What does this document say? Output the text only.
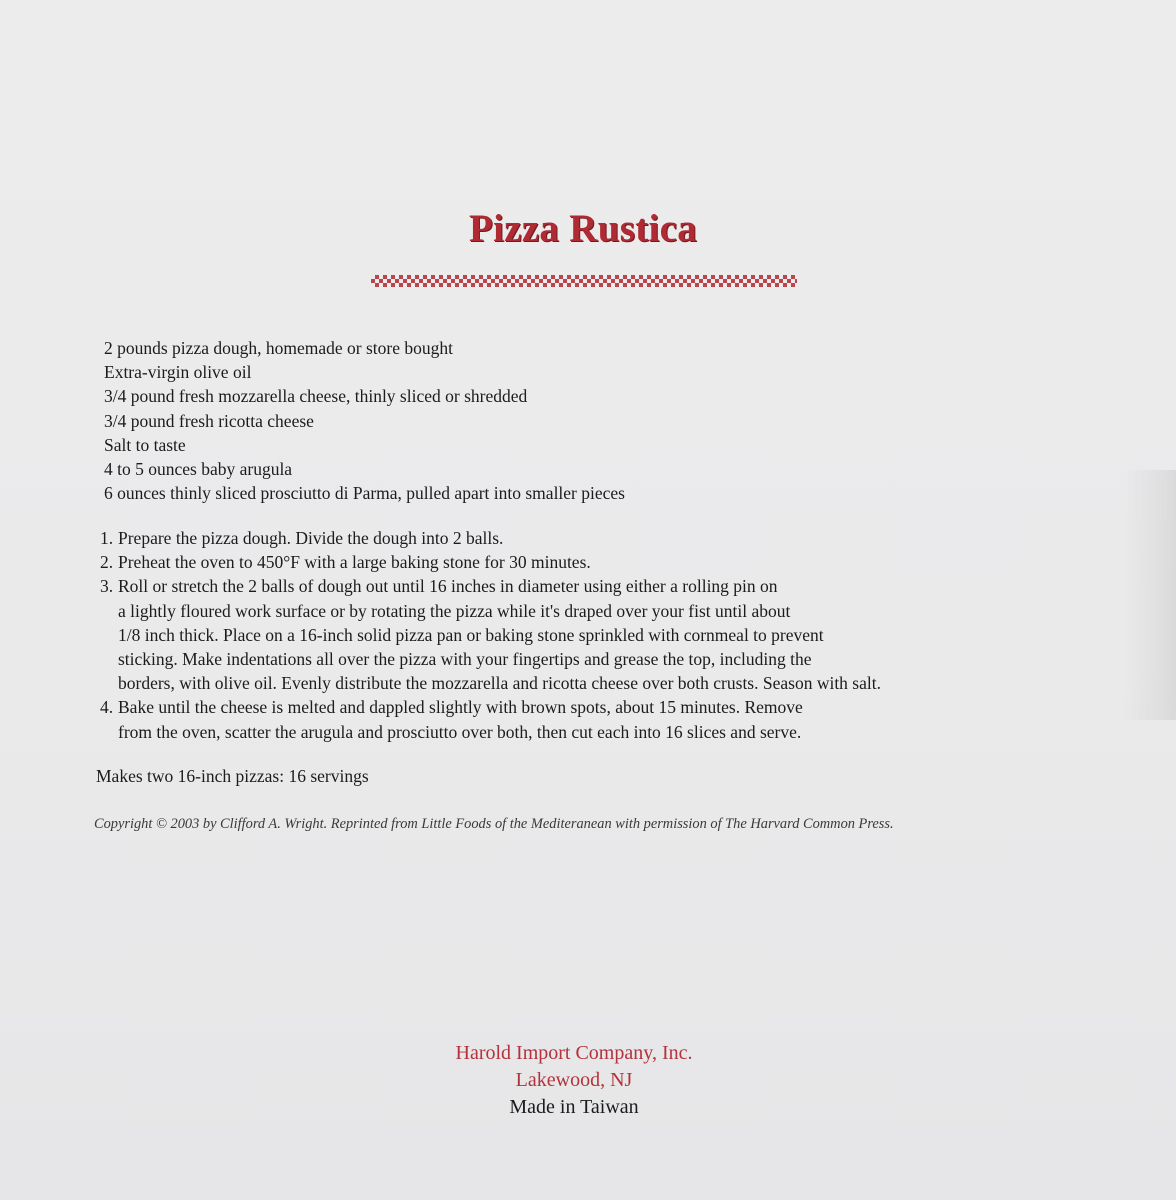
Pizza Rustica
2 pounds pizza dough, homemade or store bought
Extra-virgin olive oil
3/4 pound fresh mozzarella cheese, thinly sliced or shredded
3/4 pound fresh ricotta cheese
Salt to taste
4 to 5 ounces baby arugula
6 ounces thinly sliced prosciutto di Parma, pulled apart into smaller pieces
1. Prepare the pizza dough. Divide the dough into 2 balls.
2. Preheat the oven to 450°F with a large baking stone for 30 minutes.
3. Roll or stretch the 2 balls of dough out until 16 inches in diameter using either a rolling pin on
a lightly floured work surface or by rotating the pizza while it's draped over your fist until about
1/8 inch thick. Place on a 16-inch solid pizza pan or baking stone sprinkled with cornmeal to prevent
sticking. Make indentations all over the pizza with your fingertips and grease the top, including the
borders, with olive oil. Evenly distribute the mozzarella and ricotta cheese over both crusts. Season with salt.
4. Bake until the cheese is melted and dappled slightly with brown spots, about 15 minutes. Remove
from the oven, scatter the arugula and prosciutto over both, then cut each into 16 slices and serve.
Makes two 16-inch pizzas: 16 servings
Copyright © 2003 by Clifford A. Wright. Reprinted from Little Foods of the Mediteranean with permission of The Harvard Common Press.
Harold Import Company, Inc.
Lakewood, NJ
Made in Taiwan
